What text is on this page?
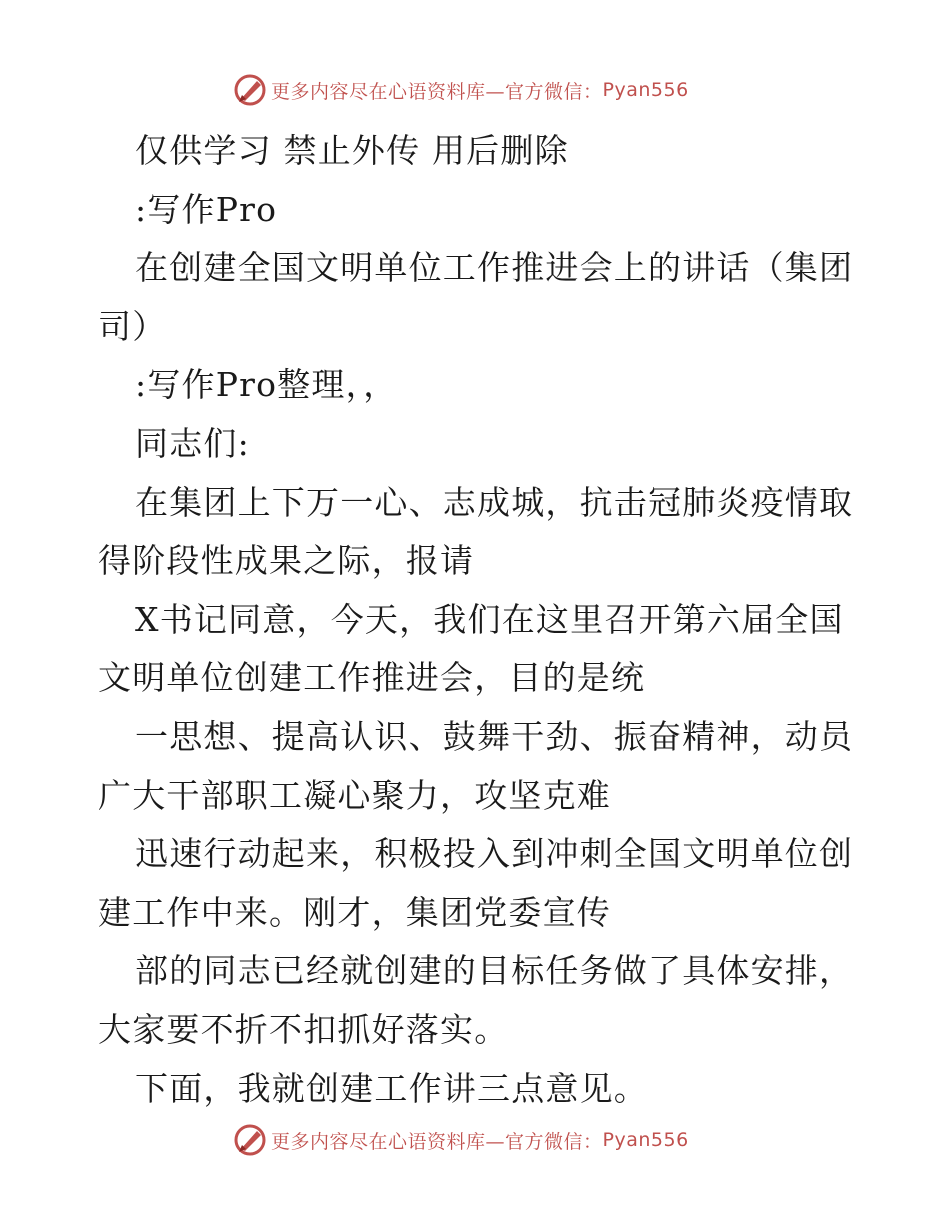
更多内容尽在心语资料库—官方微信： Pyan556

仅供学习 禁止外传 用后删除

:写作Pro

在创建全国文明单位工作推进会上的讲话（集团司）

:写作Pro整理，，

同志们:

在集团上下万一心、志成城，抗击冠肺炎疫情取得阶段性成果之际，报请

X书记同意，今天，我们在这里召开第六届全国文明单位创建工作推进会，目的是统

一思想、提高认识、鼓舞干劲、振奋精神，动员广大干部职工凝心聚力，攻坚克难

迅速行动起来，积极投入到冲刺全国文明单位创建工作中来。刚才，集团党委宣传

部的同志已经就创建的目标任务做了具体安排，大家要不折不扣抓好落实。

下面，我就创建工作讲三点意见。

更多内容尽在心语资料库—官方微信： Pyan556
